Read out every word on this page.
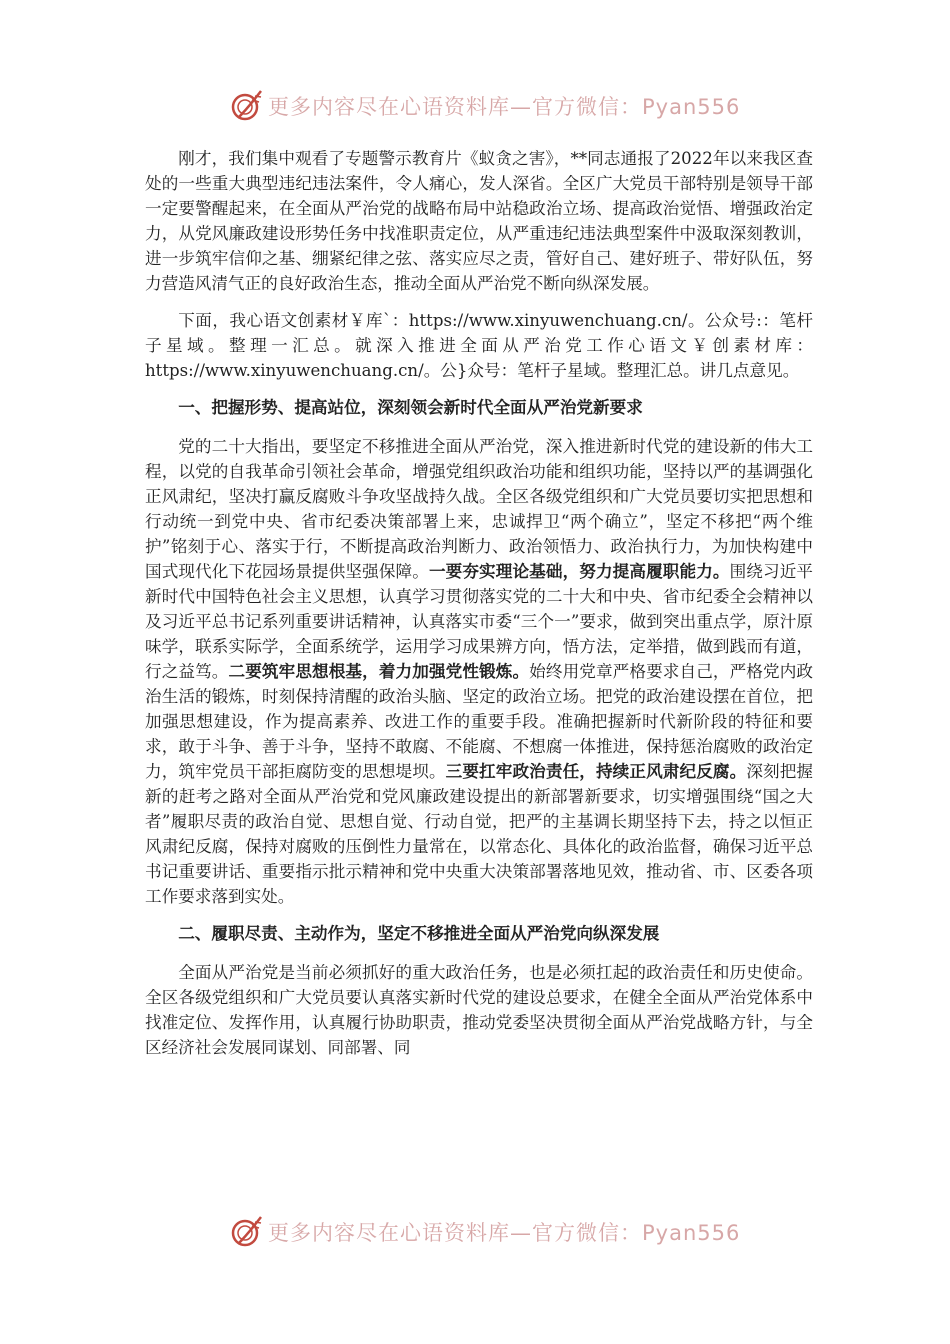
更多内容尽在心语资料库—官方微信：Pyan556

刚才，我们集中观看了专题警示教育片《蚁贪之害》，**同志通报了2022年以来我区查处的一些重大典型违纪违法案件，令人痛心，发人深省。全区广大党员干部特别是领导干部一定要警醒起来，在全面从严治党的战略布局中站稳政治立场、提高政治觉悟、增强政治定力，从党风廉政建设形势任务中找准职责定位，从严重违纪违法典型案件中汲取深刻教训，进一步筑牢信仰之基、绷紧纪律之弦、落实应尽之责，管好自己、建好班子、带好队伍，努力营造风清气正的良好政治生态，推动全面从严治党不断向纵深发展。

下面，我心语文创素材￥库`：https://www.xinyuwenchuang.cn/。公众号:：笔杆子星域。整理一汇总。就深入推进全面从严治党工作心语文￥创素材库：https://www.xinyuwenchuang.cn/。公}众号：笔杆子星域。整理汇总。讲几点意见。

一、把握形势、提高站位，深刻领会新时代全面从严治党新要求

党的二十大指出，要坚定不移推进全面从严治党，深入推进新时代党的建设新的伟大工程，以党的自我革命引领社会革命，增强党组织政治功能和组织功能，坚持以严的基调强化正风肃纪，坚决打赢反腐败斗争攻坚战持久战。全区各级党组织和广大党员要切实把思想和行动统一到党中央、省市纪委决策部署上来，忠诚捍卫“两个确立”，坚定不移把“两个维护”铭刻于心、落实于行，不断提高政治判断力、政治领悟力、政治执行力，为加快构建中国式现代化下花园场景提供坚强保障。一要夯实理论基础，努力提高履职能力。围绕习近平新时代中国特色社会主义思想，认真学习贯彻落实党的二十大和中央、省市纪委全会精神以及习近平总书记系列重要讲话精神，认真落实市委“三个一”要求，做到突出重点学，原汁原味学，联系实际学，全面系统学，运用学习成果辨方向，悟方法，定举措，做到践而有道，行之益笃。二要筑牢思想根基，着力加强党性锻炼。始终用党章严格要求自己，严格党内政治生活的锻炼，时刻保持清醒的政治头脑、坚定的政治立场。把党的政治建设摆在首位，把加强思想建设，作为提高素养、改进工作的重要手段。准确把握新时代新阶段的特征和要求，敢于斗争、善于斗争，坚持不敢腐、不能腐、不想腐一体推进，保持惩治腐败的政治定力，筑牢党员干部拒腐防变的思想堤坝。三要扛牢政治责任，持续正风肃纪反腐。深刻把握新的赶考之路对全面从严治党和党风廉政建设提出的新部署新要求，切实增强围绕“国之大者”履职尽责的政治自觉、思想自觉、行动自觉，把严的主基调长期坚持下去，持之以恒正风肃纪反腐，保持对腐败的压倒性力量常在，以常态化、具体化的政治监督，确保习近平总书记重要讲话、重要指示批示精神和党中央重大决策部署落地见效，推动省、市、区委各项工作要求落到实处。

二、履职尽责、主动作为，坚定不移推进全面从严治党向纵深发展

全面从严治党是当前必须抓好的重大政治任务，也是必须扛起的政治责任和历史使命。全区各级党组织和广大党员要认真落实新时代党的建设总要求，在健全全面从严治党体系中找准定位、发挥作用，认真履行协助职责，推动党委坚决贯彻全面从严治党战略方针，与全区经济社会发展同谋划、同部署、同

更多内容尽在心语资料库—官方微信：Pyan556
